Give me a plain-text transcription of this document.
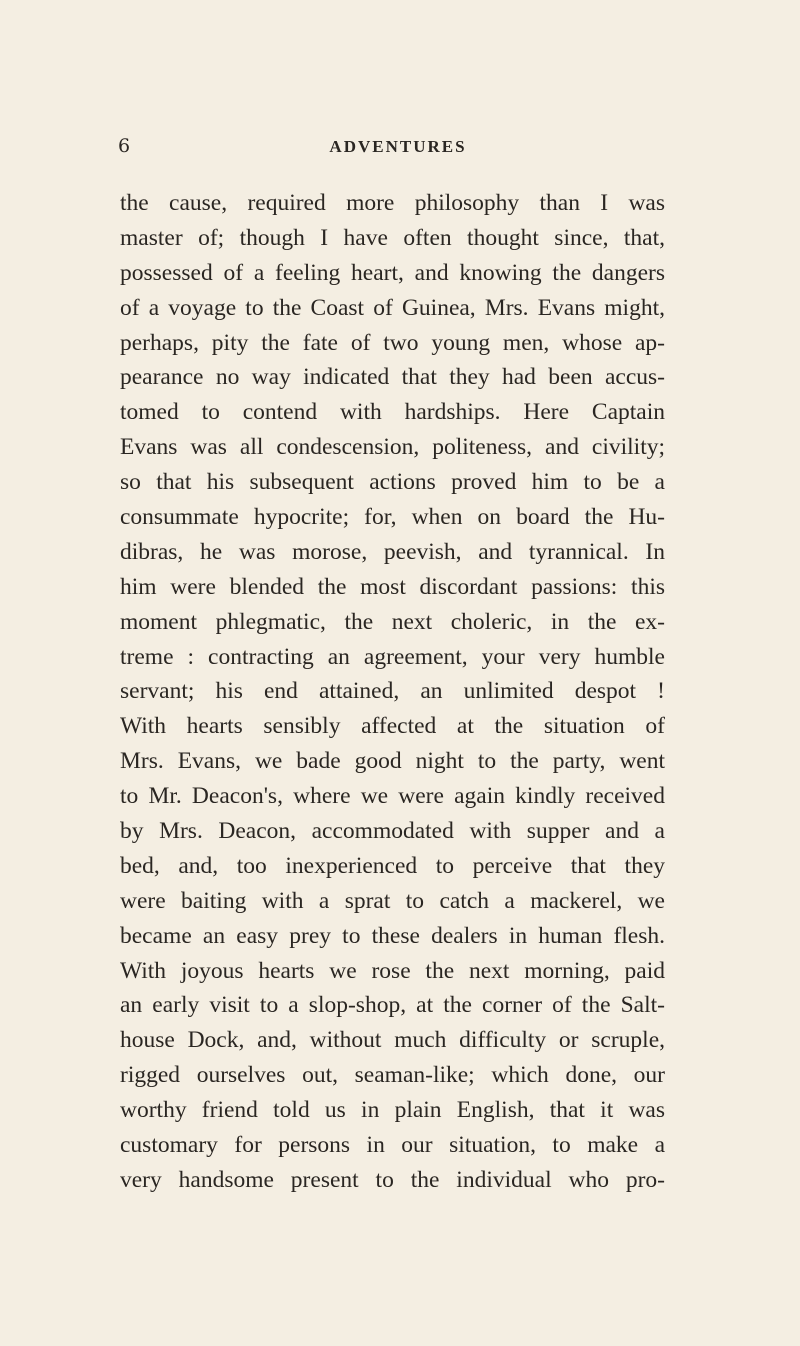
6	ADVENTURES
the cause, required more philosophy than I was
master of; though I have often thought since, that,
possessed of a feeling heart, and knowing the dangers
of a voyage to the Coast of Guinea, Mrs. Evans might,
perhaps, pity the fate of two young men, whose ap-
pearance no way indicated that they had been accus-
tomed to contend with hardships. Here Captain
Evans was all condescension, politeness, and civility;
so that his subsequent actions proved him to be a
consummate hypocrite; for, when on board the Hu-
dibras, he was morose, peevish, and tyrannical. In
him were blended the most discordant passions: this
moment phlegmatic, the next choleric, in the ex-
treme : contracting an agreement, your very humble
servant; his end attained, an unlimited despot !
With hearts sensibly affected at the situation of
Mrs. Evans, we bade good night to the party, went
to Mr. Deacon's, where we were again kindly received
by Mrs. Deacon, accommodated with supper and a
bed, and, too inexperienced to perceive that they
were baiting with a sprat to catch a mackerel, we
became an easy prey to these dealers in human flesh.
With joyous hearts we rose the next morning, paid
an early visit to a slop-shop, at the corner of the Salt-
house Dock, and, without much difficulty or scruple,
rigged ourselves out, seaman-like; which done, our
worthy friend told us in plain English, that it was
customary for persons in our situation, to make a
very handsome present to the individual who pro-
